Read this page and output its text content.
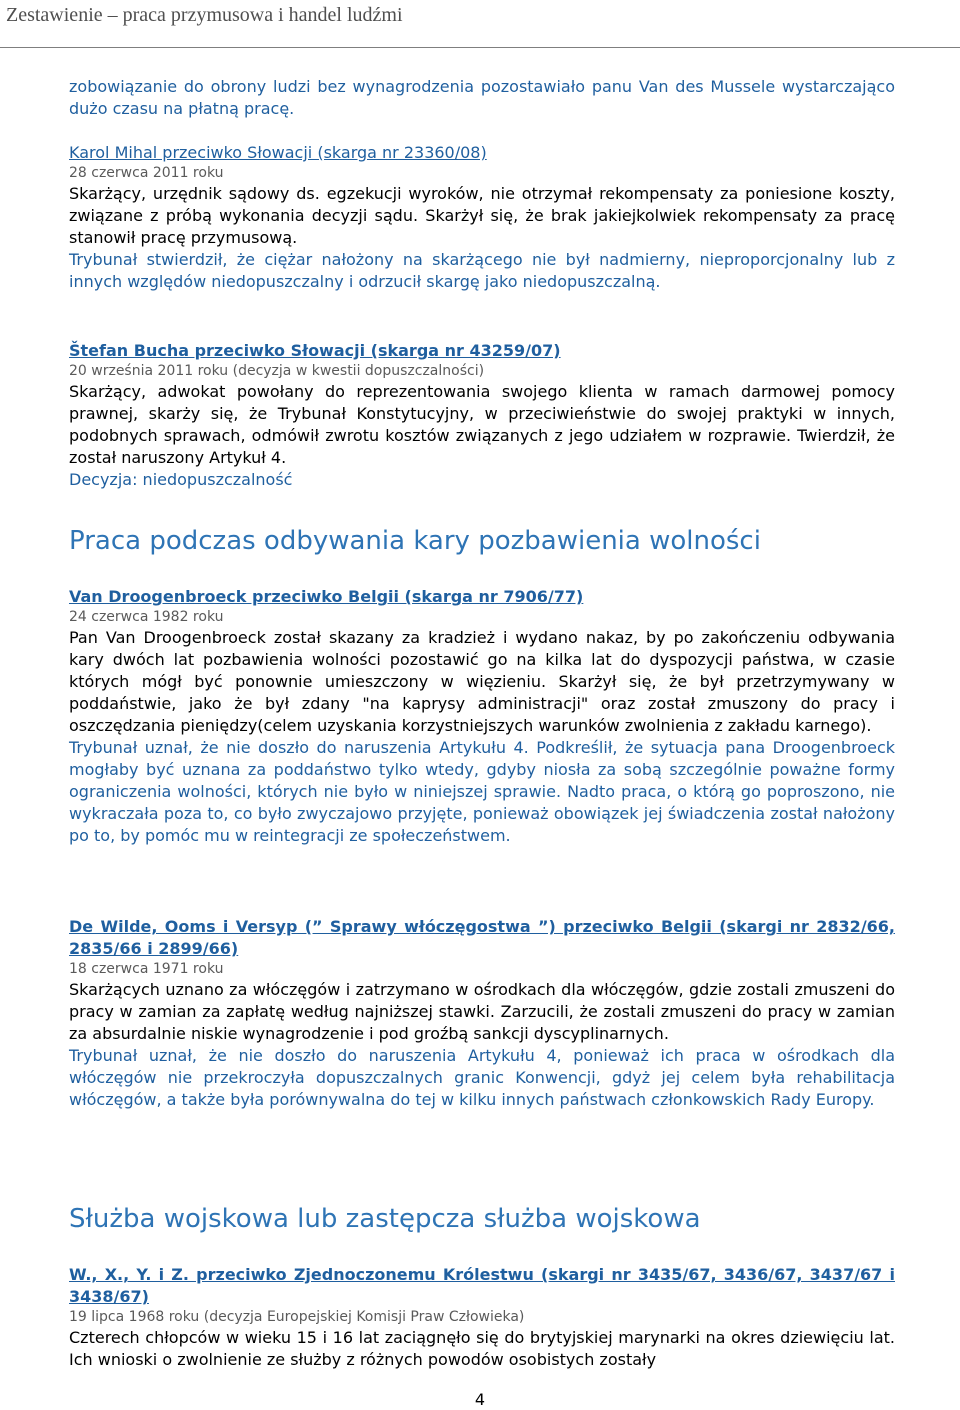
Zestawienie – praca przymusowa i handel ludźmi

zobowiązanie do obrony ludzi bez wynagrodzenia pozostawiało panu Van des Mussele wystarczająco dużo czasu na płatną pracę.

Karol Mihal przeciwko Słowacji (skarga nr 23360/08)

28 czerwca 2011 roku

Skarżący, urzędnik sądowy ds. egzekucji wyroków, nie otrzymał rekompensaty za poniesione koszty, związane z próbą wykonania decyzji sądu. Skarżył się, że brak jakiejkolwiek rekompensaty za pracę stanowił pracę przymusową.

Trybunał stwierdził, że ciężar nałożony na skarżącego nie był nadmierny, nieproporcjonalny lub z innych względów niedopuszczalny i odrzucił skargę jako niedopuszczalną.

Štefan Bucha przeciwko Słowacji (skarga nr 43259/07)

20 września 2011 roku (decyzja w kwestii dopuszczalności)

Skarżący, adwokat powołany do reprezentowania swojego klienta w ramach darmowej pomocy prawnej, skarży się, że Trybunał Konstytucyjny, w przeciwieństwie do swojej praktyki w innych, podobnych sprawach, odmówił zwrotu kosztów związanych z jego udziałem w rozprawie. Twierdził, że został naruszony Artykuł 4.

Decyzja: niedopuszczalność

Praca podczas odbywania kary pozbawienia wolności

Van Droogenbroeck przeciwko Belgii (skarga nr 7906/77)

24 czerwca 1982 roku

Pan Van Droogenbroeck został skazany za kradzież i wydano nakaz, by po zakończeniu odbywania kary dwóch lat pozbawienia wolności pozostawić go na kilka lat do dyspozycji państwa, w czasie których mógł być ponownie umieszczony w więzieniu. Skarżył się, że był przetrzymywany w poddaństwie, jako że był zdany "na kaprysy administracji" oraz został zmuszony do pracy i oszczędzania pieniędzy(celem uzyskania korzystniejszych warunków zwolnienia z zakładu karnego).

Trybunał uznał, że nie doszło do naruszenia Artykułu 4. Podkreślił, że sytuacja pana Droogenbroeck mogłaby być uznana za poddaństwo tylko wtedy, gdyby niosła za sobą szczególnie poważne formy ograniczenia wolności, których nie było w niniejszej sprawie. Nadto praca, o którą go poproszono, nie wykraczała poza to, co było zwyczajowo przyjęte, ponieważ obowiązek jej świadczenia został nałożony po to, by pomóc mu w reintegracji ze społeczeństwem.

De Wilde, Ooms i Versyp (” Sprawy włóczęgostwa ”) przeciwko Belgii (skargi nr 2832/66, 2835/66 i 2899/66)

18 czerwca 1971 roku

Skarżących uznano za włóczęgów i zatrzymano w ośrodkach dla włóczęgów, gdzie zostali zmuszeni do pracy w zamian za zapłatę według najniższej stawki. Zarzucili, że zostali zmuszeni do pracy w zamian za absurdalnie niskie wynagrodzenie i pod groźbą sankcji dyscyplinarnych.

Trybunał uznał, że nie doszło do naruszenia Artykułu 4, ponieważ ich praca w ośrodkach dla włóczęgów nie przekroczyła dopuszczalnych granic Konwencji, gdyż jej celem była rehabilitacja włóczęgów, a także była porównywalna do tej w kilku innych państwach członkowskich Rady Europy.

Służba wojskowa lub zastępcza służba wojskowa

W., X., Y. i Z. przeciwko Zjednoczonemu Królestwu (skargi nr 3435/67, 3436/67, 3437/67 i 3438/67)

19 lipca 1968 roku (decyzja Europejskiej Komisji Praw Człowieka)

Czterech chłopców w wieku 15 i 16 lat zaciągnęło się do brytyjskiej marynarki na okres dziewięciu lat. Ich wnioski o zwolnienie ze służby z różnych powodów osobistych zostały

4
